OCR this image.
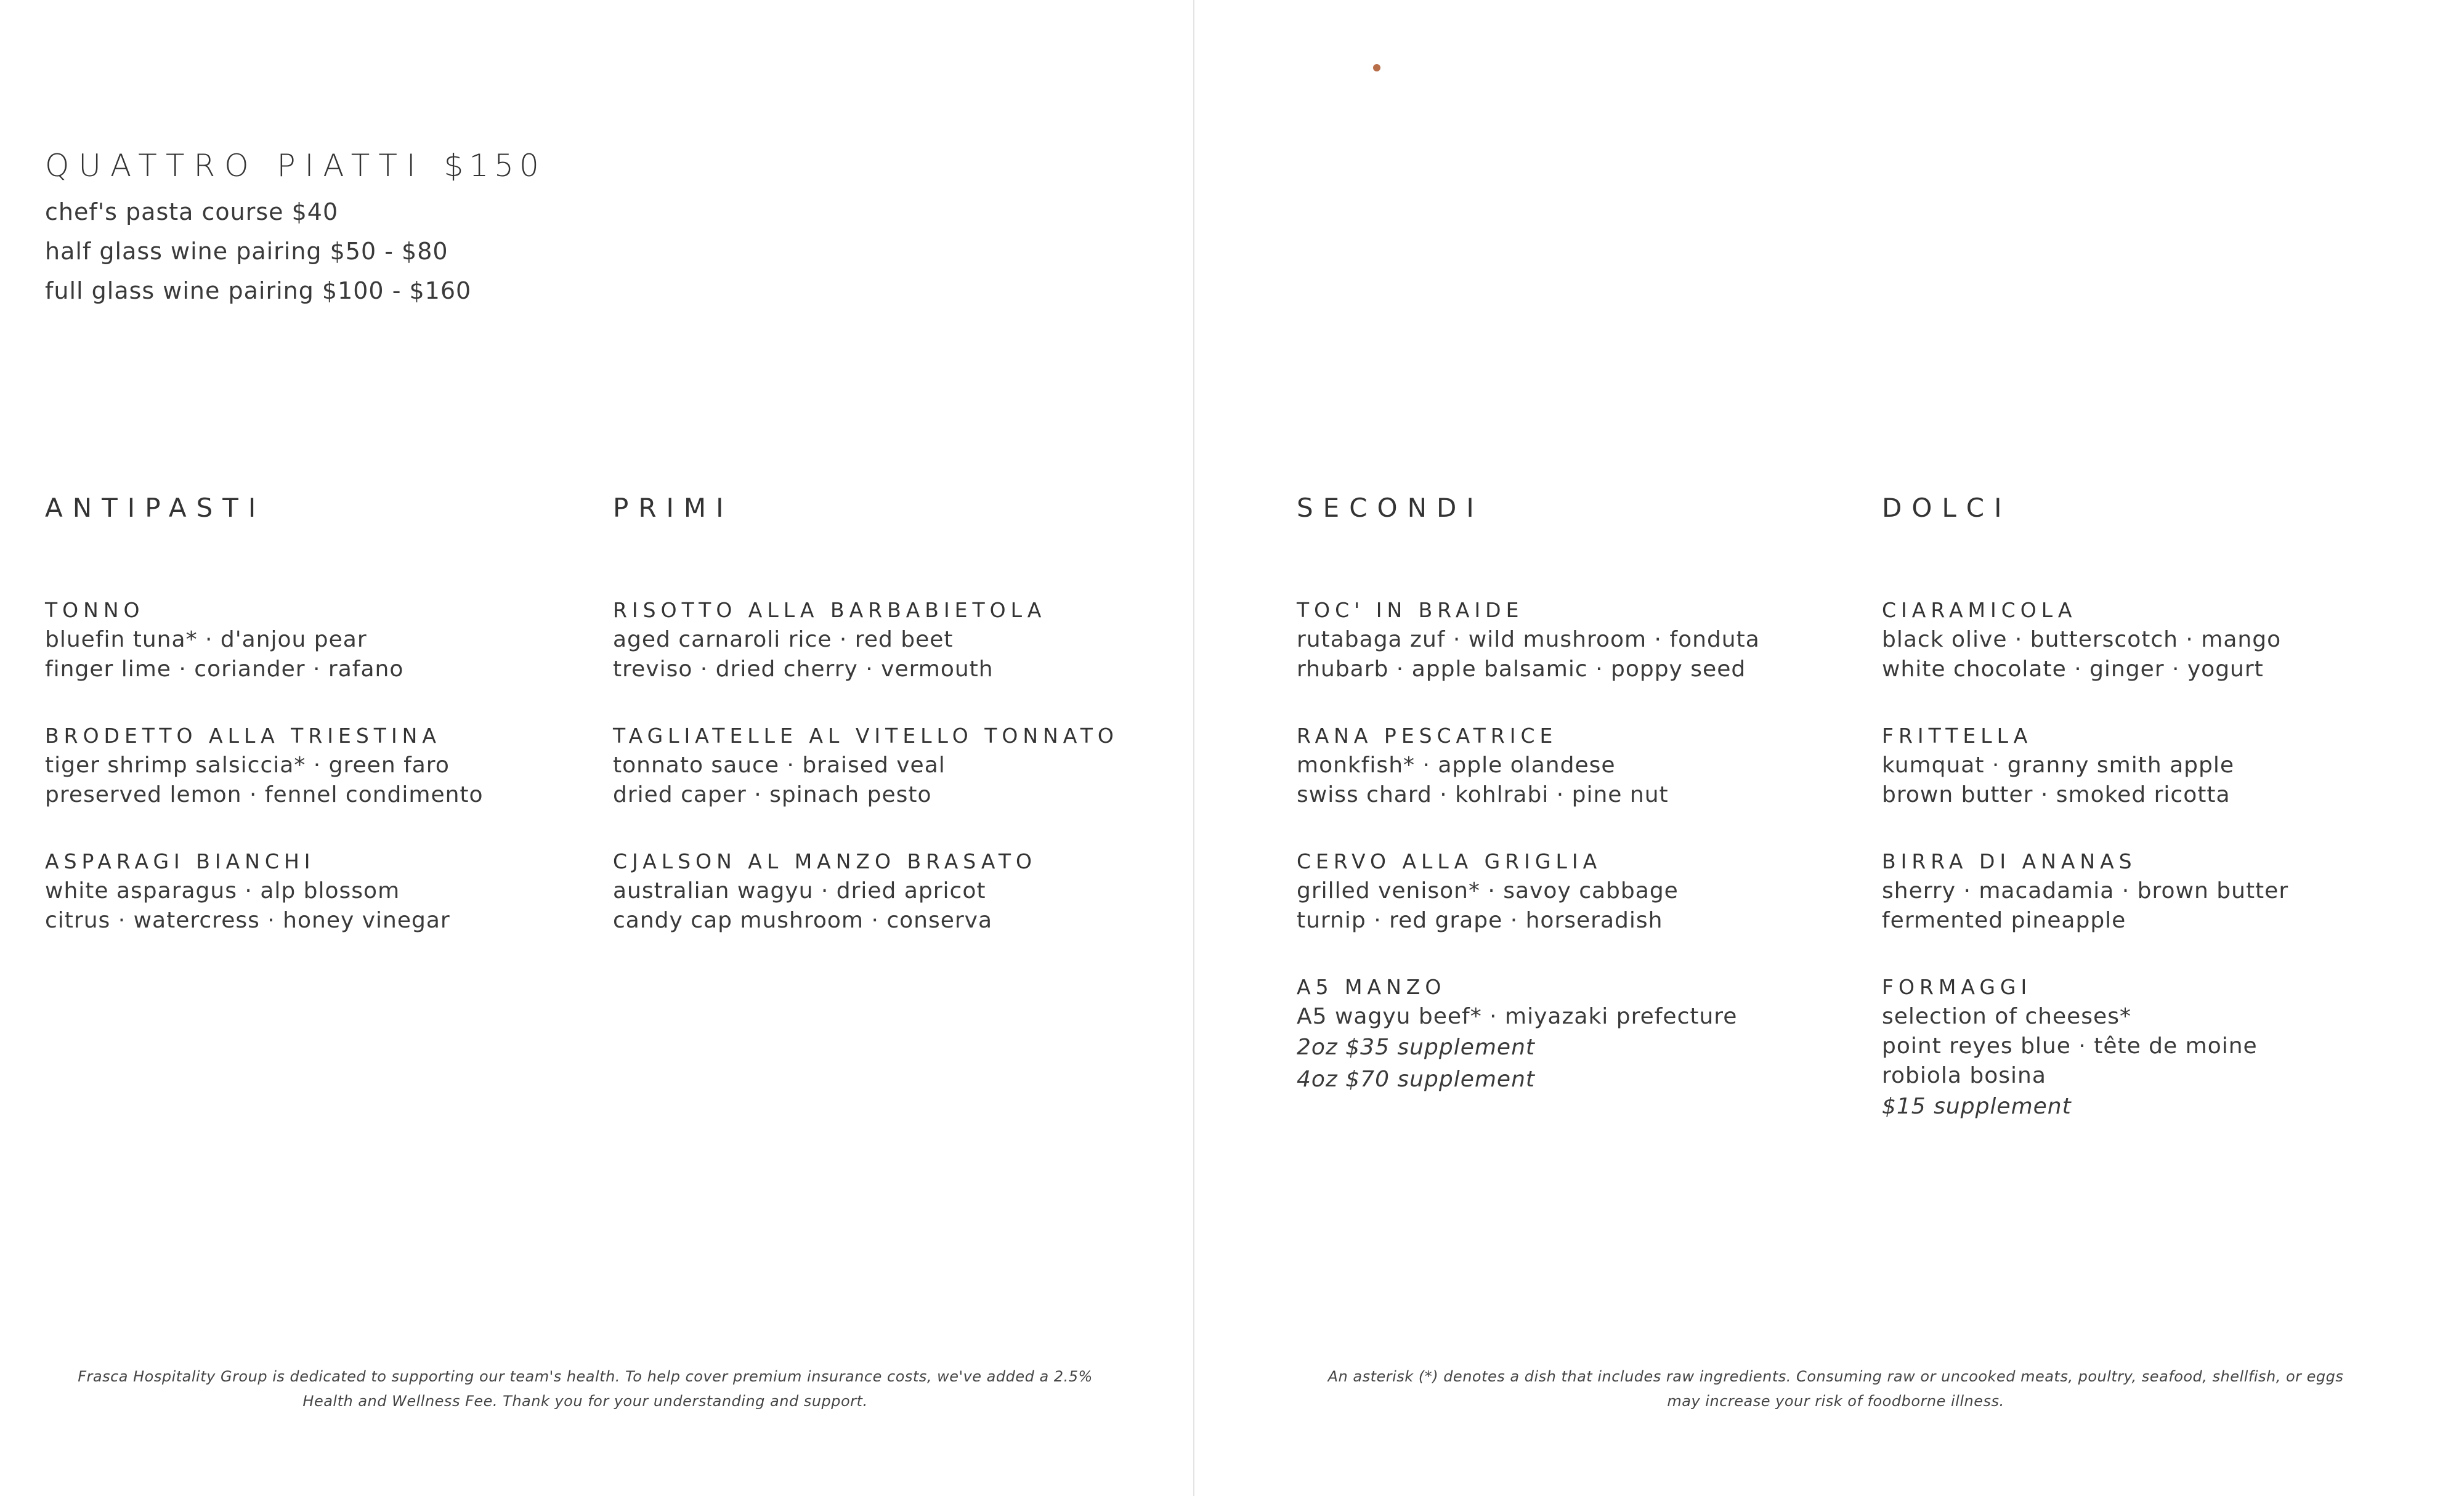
QUATTRO PIATTI $150
chef's pasta course $40
half glass wine pairing $50 - $80
full glass wine pairing $100 - $160
ANTIPASTI
TONNO
bluefin tuna* · d'anjou pear
finger lime · coriander · rafano
BRODETTO ALLA TRIESTINA
tiger shrimp salsiccia* · green faro
preserved lemon · fennel condimento
ASPARAGI BIANCHI
white asparagus · alp blossom
citrus · watercress · honey vinegar
PRIMI
RISOTTO ALLA BARBABIETOLA
aged carnaroli rice · red beet
treviso · dried cherry · vermouth
TAGLIATELLE AL VITELLO TONNATO
tonnato sauce · braised veal
dried caper · spinach pesto
CJALSON AL MANZO BRASATO
australian wagyu · dried apricot
candy cap mushroom · conserva
SECONDI
TOC' IN BRAIDE
rutabaga zuf · wild mushroom · fonduta
rhubarb · apple balsamic · poppy seed
RANA PESCATRICE
monkfish* · apple olandese
swiss chard · kohlrabi · pine nut
CERVO ALLA GRIGLIA
grilled venison* · savoy cabbage
turnip · red grape · horseradish
A5 MANZO
A5 wagyu beef* · miyazaki prefecture
2oz $35 supplement
4oz $70 supplement
DOLCI
CIARAMICOLA
black olive · butterscotch · mango
white chocolate · ginger · yogurt
FRITTELLA
kumquat · granny smith apple
brown butter · smoked ricotta
BIRRA DI ANANAS
sherry · macadamia · brown butter
fermented pineapple
FORMAGGI
selection of cheeses*
point reyes blue · tête de moine
robiola bosina
$15 supplement
Frasca Hospitality Group is dedicated to supporting our team's health. To help cover premium insurance costs, we've added a 2.5%
Health and Wellness Fee. Thank you for your understanding and support.
An asterisk (*) denotes a dish that includes raw ingredients. Consuming raw or uncooked meats, poultry, seafood, shellfish, or eggs
may increase your risk of foodborne illness.
